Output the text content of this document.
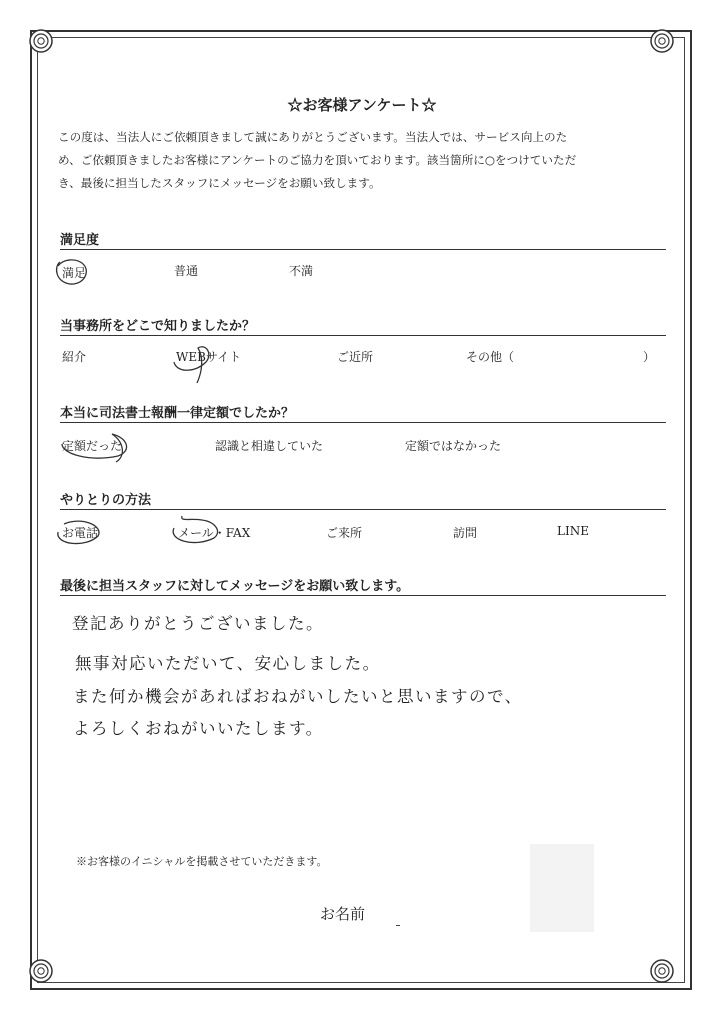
☆お客様アンケート☆
この度は、当法人にご依頼頂きまして誠にありがとうございます。当法人では、サービス向上のた
め、ご依頼頂きましたお客様にアンケートのご協力を頂いております。該当箇所に○をつけていただ
き、最後に担当したスタッフにメッセージをお願い致します。
満足度
満足	普通	不満
当事務所をどこで知りましたか？
紹介	WEBサイト	ご近所	その他（	）
本当に司法書士報酬一律定額でしたか？
定額だった	認識と相違していた	定額ではなかった
やりとりの方法
お電話	メール・FAX	ご来所	訪問	LINE
最後に担当スタッフに対してメッセージをお願い致します。
登記ありがとうございました。
無事対応いただいて、安心しました。
また何か機会があればおねがいしたいと思いますので、
よろしくおねがいいたします。
※お客様のイニシャルを掲載させていただきます。
お名前
